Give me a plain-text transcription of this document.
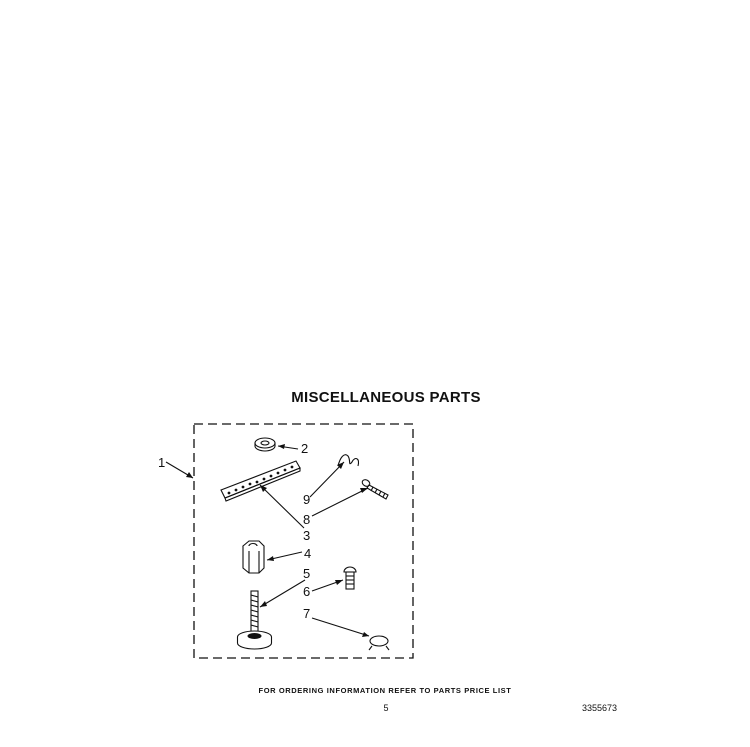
MISCELLANEOUS PARTS
1
2
3
9
8
4
6
5
7
FOR ORDERING INFORMATION REFER TO PARTS PRICE LIST
5	3355673
